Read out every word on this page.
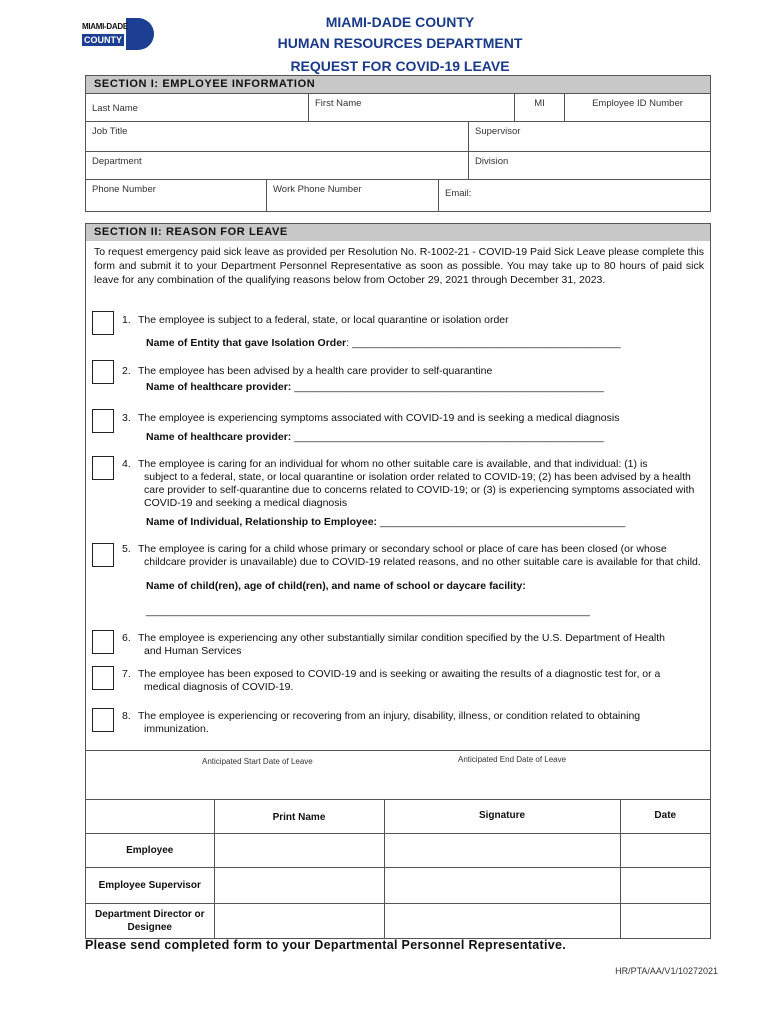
MIAMI-DADE
COUNTY
MIAMI-DADE COUNTY
HUMAN RESOURCES DEPARTMENT
REQUEST FOR COVID-19 LEAVE
SECTION I: EMPLOYEE INFORMATION
Last Name	First Name	MI	Employee ID Number
Job Title	Supervisor
Department	Division
Phone Number	Work Phone Number	Email:
SECTION II: REASON FOR LEAVE
To request emergency paid sick leave as provided per Resolution No. R-1002-21 - COVID-19 Paid Sick Leave please complete this form and submit it to your Department Personnel Representative as soon as possible. You may take up to 80 hours of paid sick leave for any combination of the qualifying reasons below from October 29, 2021 through December 31, 2023.
1. The employee is subject to a federal, state, or local quarantine or isolation order
Name of Entity that gave Isolation Order: ______________________________________________
2. The employee has been advised by a health care provider to self-quarantine
Name of healthcare provider: _____________________________________________________
3. The employee is experiencing symptoms associated with COVID-19 and is seeking a medical diagnosis
Name of healthcare provider: _____________________________________________________
4. The employee is caring for an individual for whom no other suitable care is available, and that individual: (1) is
subject to a federal, state, or local quarantine or isolation order related to COVID-19; (2) has been advised by a health care provider to self-quarantine due to concerns related to COVID-19; or (3) is experiencing symptoms associated with COVID-19 and seeking a medical diagnosis
Name of Individual, Relationship to Employee: __________________________________________
5. The employee is caring for a child whose primary or secondary school or place of care has been closed (or whose
childcare provider is unavailable) due to COVID-19 related reasons, and no other suitable care is available for that child.
Name of child(ren), age of child(ren), and name of school or daycare facility:
____________________________________________________________________________
6. The employee is experiencing any other substantially similar condition specified by the U.S. Department of Health
and Human Services
7. The employee has been exposed to COVID-19 and is seeking or awaiting the results of a diagnostic test for, or a
medical diagnosis of COVID-19.
8. The employee is experiencing or recovering from an injury, disability, illness, or condition related to obtaining
immunization.
Anticipated Start Date of Leave	Anticipated End Date of Leave
	Print Name	Signature	Date
Employee			
Employee Supervisor			
Department Director or Designee			
Please send completed form to your Departmental Personnel Representative.
HR/PTA/AA/V1/10272021
